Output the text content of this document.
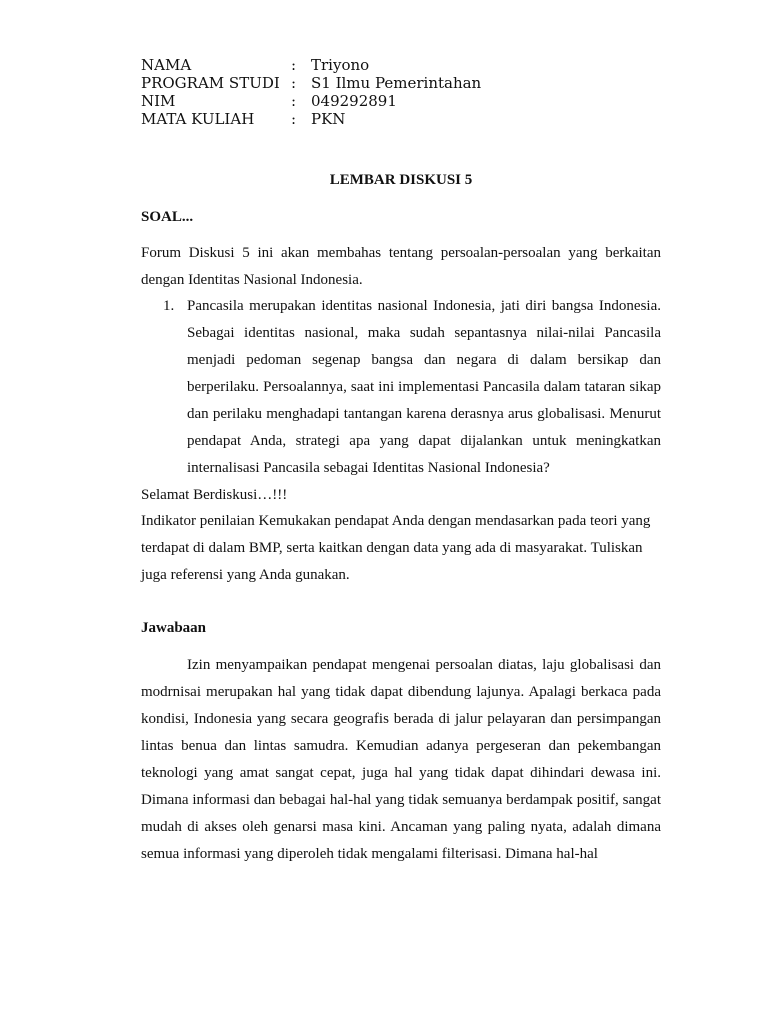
NAMA	: Triyono
PROGRAM STUDI : S1 Ilmu Pemerintahan
NIM	: 049292891
MATA KULIAH	: PKN
LEMBAR DISKUSI 5
SOAL...

Forum Diskusi 5 ini akan membahas tentang persoalan-persoalan yang berkaitan dengan Identitas Nasional Indonesia.

1. Pancasila merupakan identitas nasional Indonesia, jati diri bangsa Indonesia. Sebagai identitas nasional, maka sudah sepantasnya nilai-nilai Pancasila menjadi pedoman segenap bangsa dan negara di dalam bersikap dan berperilaku. Persoalannya, saat ini implementasi Pancasila dalam tataran sikap dan perilaku menghadapi tantangan karena derasnya arus globalisasi. Menurut pendapat Anda, strategi apa yang dapat dijalankan untuk meningkatkan internalisasi Pancasila sebagai Identitas Nasional Indonesia?

Selamat Berdiskusi…!!!

Indikator penilaian Kemukakan pendapat Anda dengan mendasarkan pada teori yang terdapat di dalam BMP, serta kaitkan dengan data yang ada di masyarakat. Tuliskan juga referensi yang Anda gunakan.

Jawabaan

Izin menyampaikan pendapat mengenai persoalan diatas, laju globalisasi dan modrnisai merupakan hal yang tidak dapat dibendung lajunya. Apalagi berkaca pada kondisi, Indonesia yang secara geografis berada di jalur pelayaran dan persimpangan lintas benua dan lintas samudra. Kemudian adanya pergeseran dan pekembangan teknologi yang amat sangat cepat, juga hal yang tidak dapat dihindari dewasa ini. Dimana informasi dan bebagai hal-hal yang tidak semuanya berdampak positif, sangat mudah di akses oleh genarsi masa kini. Ancaman yang paling nyata, adalah dimana semua informasi yang diperoleh tidak mengalami filterisasi. Dimana hal-hal
